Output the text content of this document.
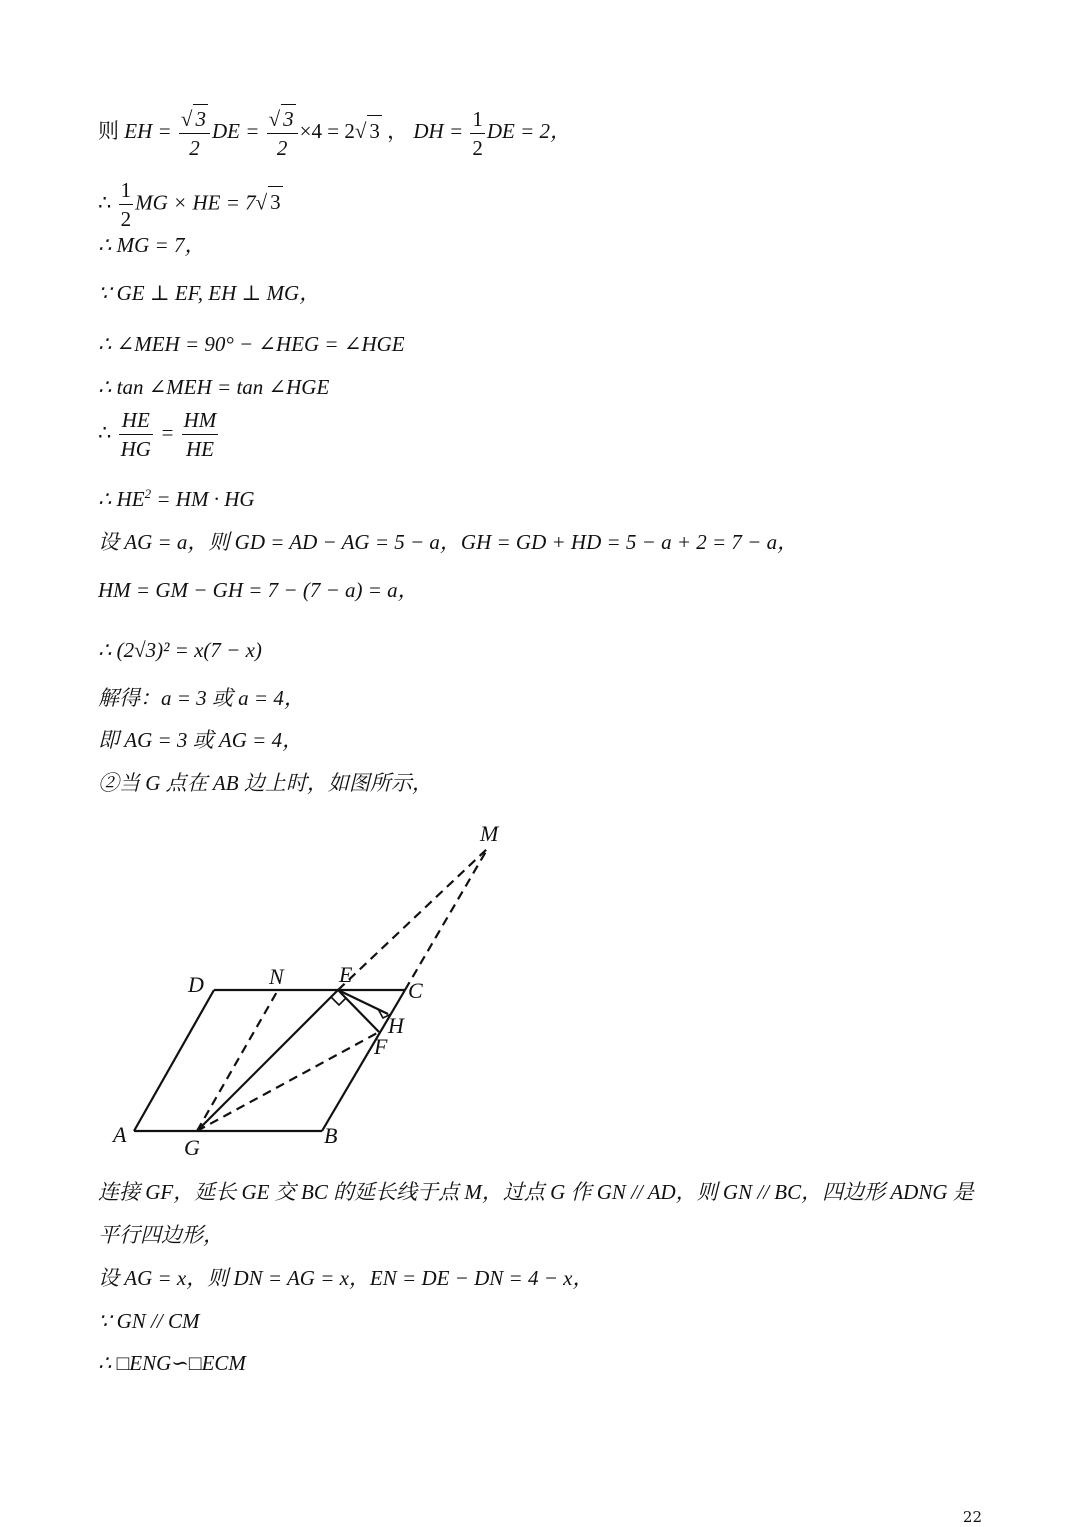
则 EH = $\frac{√ 3}{2}$ DE = $\frac{√ 3}{2} \times 4 = 2√$ 3 ， DH = $\frac{1}{2}$ DE = 2，
∴ $\frac{1}{2}$ MG × HE = 7√ 3
∴ MG = 7，
∵ GE ⊥ EF, EH ⊥ MG，
∴ ∠MEH = 90° − ∠HEG = ∠HGE
∴ tan ∠MEH = tan ∠HGE
∴ $\frac{HE}{HG} = \frac{HM}{HE}$
∴ $HE^2$ = HM · HG
设 AG = a，则 GD = AD − AG = 5 − a，GH = GD + HD = 5 − a + 2 = 7 − a，
HM = GM − GH = 7 − (7 − a) = a，
∴ (2√3)² = x(7 − x)
解得：a = 3 或 a = 4，
即 AG = 3 或 AG = 4，
②当 G 点在 AB 边上时，如图所示，
A	B
C
D	E
F
G
H
M
N
连接 GF，延长 GE 交 BC 的延长线于点 M，过点 G 作 GN // AD，则 GN // BC，四边形 ADNG 是平行四边形，
设 AG = x，则 DN = AG = x，EN = DE − DN = 4 − x，
∵ GN // CM
∴ □ENG∽□ECM
22
